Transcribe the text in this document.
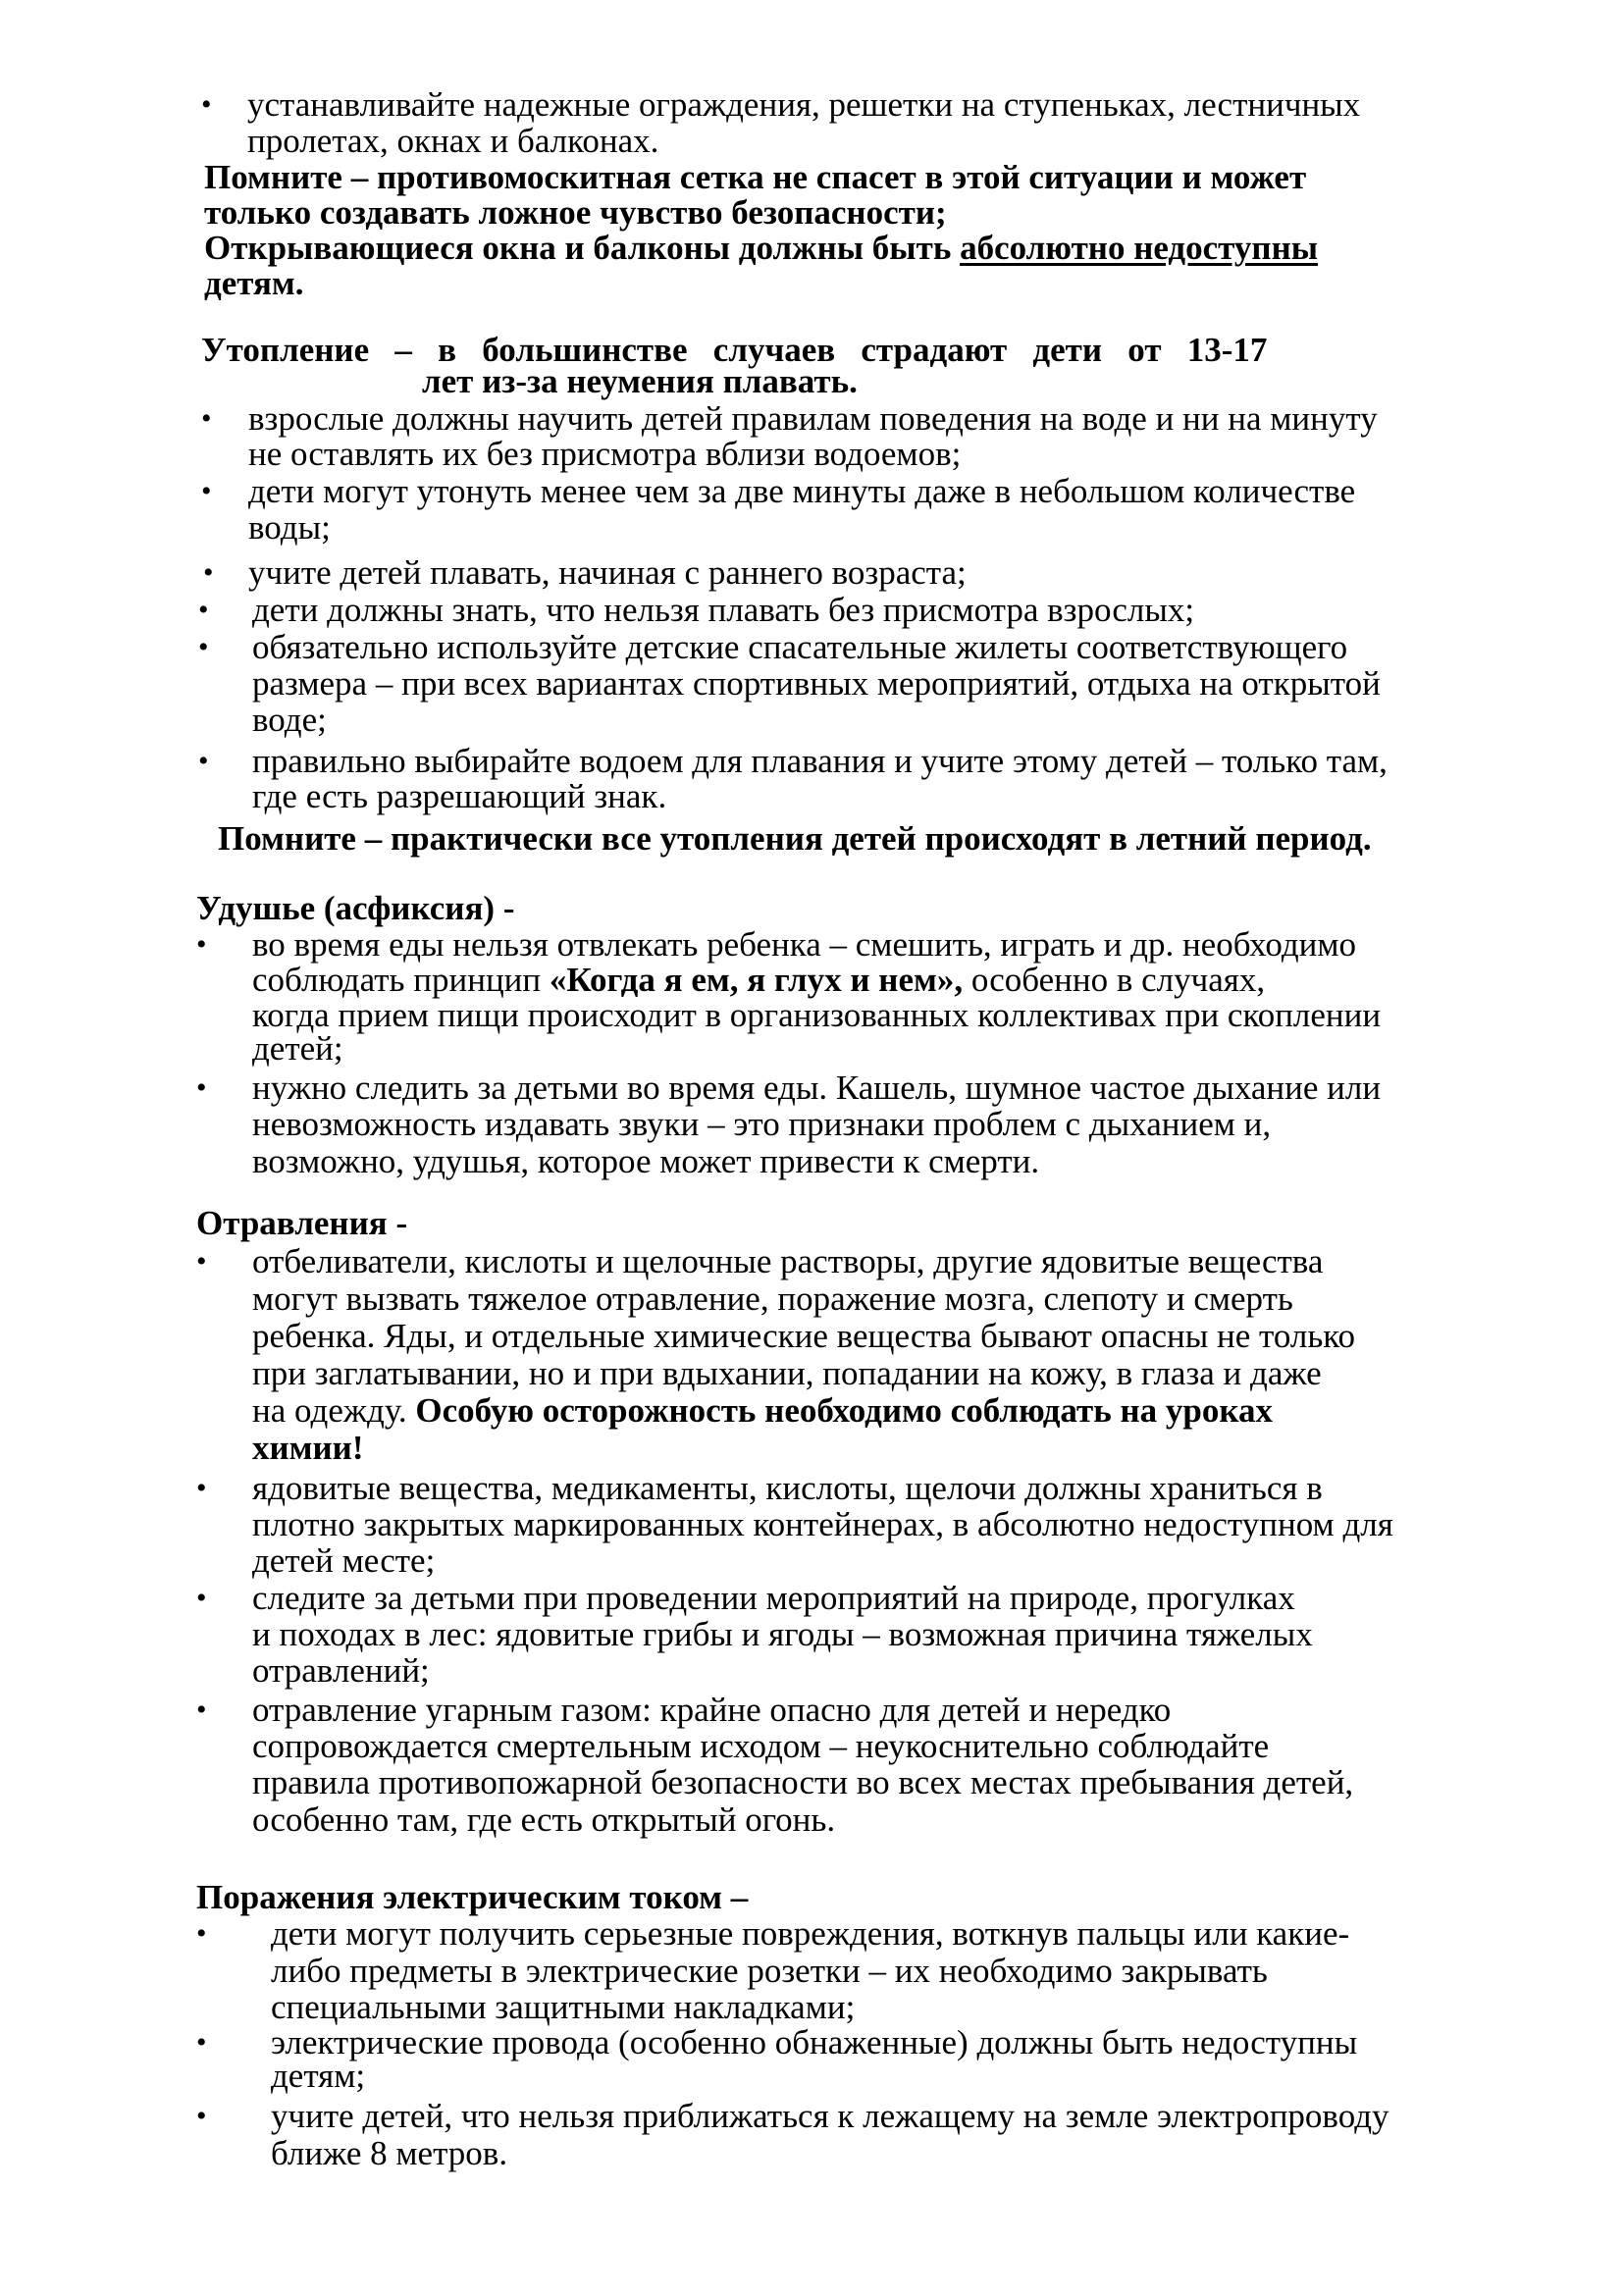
• устанавливайте надежные ограждения, решетки на ступеньках, лестничных
пролетах, окнах и балконах.
Помните – противомоскитная сетка не спасет в этой ситуации и может
только создавать ложное чувство безопасности;
Открывающиеся окна и балконы должны быть абсолютно недоступны
детям.
Утопление   –   в   большинстве   случаев   страдают   дети   от   13-17
лет из-за неумения плавать.
• взрослые должны научить детей правилам поведения на воде и ни на минуту
не оставлять их без присмотра вблизи водоемов;
• дети могут утонуть менее чем за две минуты даже в небольшом количестве
воды;
• учите детей плавать, начиная с раннего возраста;
• дети должны знать, что нельзя плавать без присмотра взрослых;
• обязательно используйте детские спасательные жилеты соответствующего
размера – при всех вариантах спортивных мероприятий, отдыха на открытой
воде;
• правильно выбирайте водоем для плавания и учите этому детей – только там,
где есть разрешающий знак.
Помните – практически все утопления детей происходят в летний период.
Удушье (асфиксия) -
• во время еды нельзя отвлекать ребенка – смешить, играть и др. необходимо
соблюдать принцип «Когда я ем, я глух и нем», особенно в случаях,
когда прием пищи происходит в организованных коллективах при скоплении
детей;
• нужно следить за детьми во время еды. Кашель, шумное частое дыхание или
невозможность издавать звуки – это признаки проблем с дыханием и,
возможно, удушья, которое может привести к смерти.
Отравления -
• отбеливатели, кислоты и щелочные растворы, другие ядовитые вещества
могут вызвать тяжелое отравление, поражение мозга, слепоту и смерть
ребенка. Яды, и отдельные химические вещества бывают опасны не только
при заглатывании, но и при вдыхании, попадании на кожу, в глаза и даже
на одежду. Особую осторожность необходимо соблюдать на уроках
химии!
• ядовитые вещества, медикаменты, кислоты, щелочи должны храниться в
плотно закрытых маркированных контейнерах, в абсолютно недоступном для
детей месте;
• следите за детьми при проведении мероприятий на природе, прогулках
и походах в лес: ядовитые грибы и ягоды – возможная причина тяжелых
отравлений;
• отравление угарным газом: крайне опасно для детей и нередко
сопровождается смертельным исходом – неукоснительно соблюдайте
правила противопожарной безопасности во всех местах пребывания детей,
особенно там, где есть открытый огонь.
Поражения электрическим током –
• дети могут получить серьезные повреждения, воткнув пальцы или какие-
либо предметы в электрические розетки – их необходимо закрывать
специальными защитными накладками;
• электрические провода (особенно обнаженные) должны быть недоступны
детям;
• учите детей, что нельзя приближаться к лежащему на земле электропроводу
ближе 8 метров.
